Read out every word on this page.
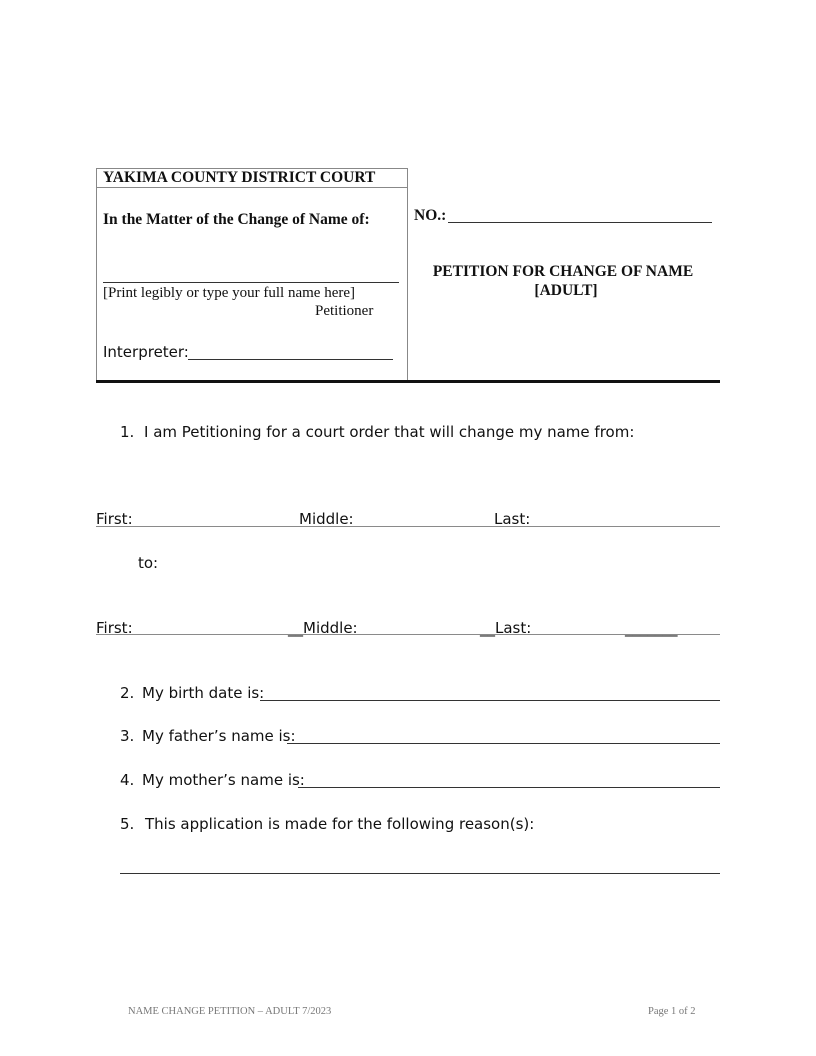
YAKIMA COUNTY DISTRICT COURT
In the Matter of the Change of Name of:
[Print legibly or type your full name here]
Petitioner
Interpreter:
NO.:
PETITION FOR CHANGE OF NAME
[ADULT]
1. I am Petitioning for a court order that will change my name from:
First:	Middle:	Last:
to:
First:	__Middle:	__Last:	_______
2. My birth date is:
3. My father’s name is:
4. My mother’s name is:
5. This application is made for the following reason(s):
NAME CHANGE PETITION – ADULT 7/2023	Page 1 of 2
